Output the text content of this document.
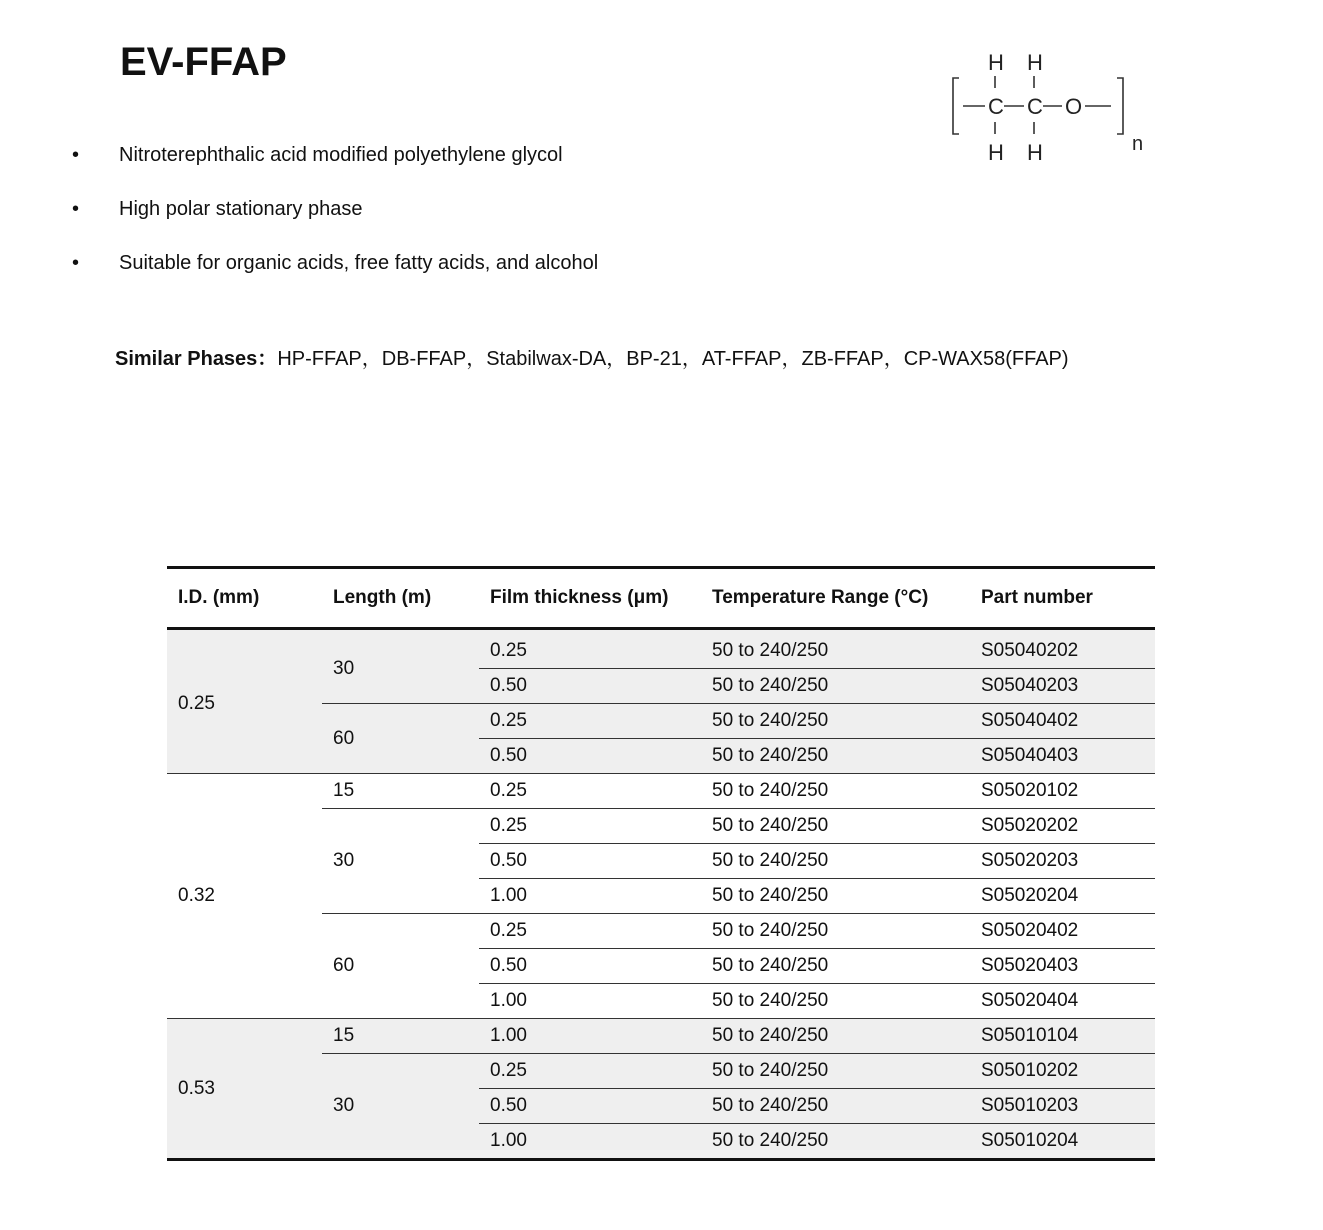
EV-FFAP
• Nitroterephthalic acid modified polyethylene glycol
• High polar stationary phase
• Suitable for organic acids, free fatty acids, and alcohol
Similar Phases：HP-FFAP，DB-FFAP，Stabilwax-DA，BP-21，AT-FFAP，ZB-FFAP，CP-WAX58(FFAP)
H H
C C O
H H	n
I.D. (mm)	Length (m)	Film thickness (μm)	Temperature Range (°C)	Part number
0.25	30	0.25	50 to 240/250	S05040202
		0.50	50 to 240/250	S05040203
	60	0.25	50 to 240/250	S05040402
		0.50	50 to 240/250	S05040403
0.32	15	0.25	50 to 240/250	S05020102
	30	0.25	50 to 240/250	S05020202
		0.50	50 to 240/250	S05020203
		1.00	50 to 240/250	S05020204
	60	0.25	50 to 240/250	S05020402
		0.50	50 to 240/250	S05020403
		1.00	50 to 240/250	S05020404
0.53	15	1.00	50 to 240/250	S05010104
	30	0.25	50 to 240/250	S05010202
		0.50	50 to 240/250	S05010203
		1.00	50 to 240/250	S05010204
